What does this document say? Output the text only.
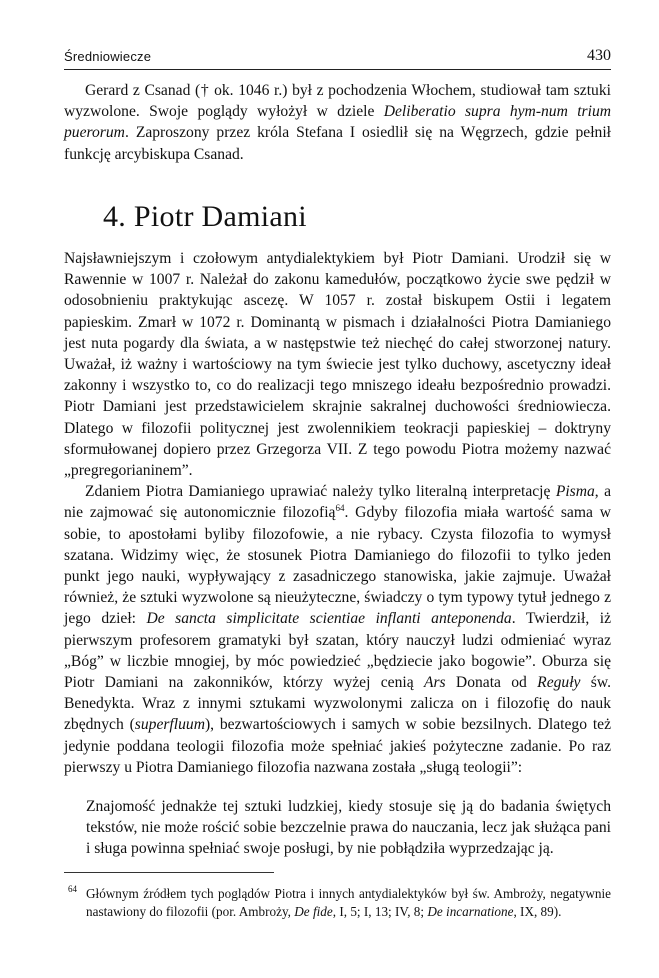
Średniowiecze	430

Gerard z Csanad († ok. 1046 r.) był z pochodzenia Włochem, studiował tam sztuki wyzwolone. Swoje poglądy wyłożył w dziele Deliberatio supra hym-num trium puerorum. Zaproszony przez króla Stefana I osiedlił się na Węgrzech, gdzie pełnił funkcję arcybiskupa Csanad.

4. Piotr Damiani

Najsławniejszym i czołowym antydialektykiem był Piotr Damiani. Urodził się w Rawennie w 1007 r. Należał do zakonu kamedułów, początkowo życie swe pędził w odosobnieniu praktykując ascezę. W 1057 r. został biskupem Ostii i legatem papieskim. Zmarł w 1072 r. Dominantą w pismach i działalności Piotra Damianiego jest nuta pogardy dla świata, a w następstwie też niechęć do całej stworzonej natury. Uważał, iż ważny i wartościowy na tym świecie jest tylko duchowy, ascetyczny ideał zakonny i wszystko to, co do realizacji tego mniszego ideału bezpośrednio prowadzi. Piotr Damiani jest przedstawicielem skrajnie sakralnej duchowości średniowiecza. Dlatego w filozofii politycznej jest zwolennikiem teokracji papieskiej – doktryny sformułowanej dopiero przez Grzegorza VII. Z tego powodu Piotra możemy nazwać „pregregorianinem”.

Zdaniem Piotra Damianiego uprawiać należy tylko literalną interpretację Pisma, a nie zajmować się autonomicznie filozofią$^{64}$. Gdyby filozofia miała wartość sama w sobie, to apostołami byliby filozofowie, a nie rybacy. Czysta filozofia to wymysł szatana. Widzimy więc, że stosunek Piotra Damianiego do filozofii to tylko jeden punkt jego nauki, wypływający z zasadniczego stanowiska, jakie zajmuje. Uważał również, że sztuki wyzwolone są nieużyteczne, świadczy o tym typowy tytuł jednego z jego dzieł: De sancta simplicitate scientiae inflanti anteponenda. Twierdził, iż pierwszym profesorem gramatyki był szatan, który nauczył ludzi odmieniać wyraz „Bóg” w liczbie mnogiej, by móc powiedzieć „będziecie jako bogowie”. Oburza się Piotr Damiani na zakonników, którzy wyżej cenią Ars Donata od Reguły św. Benedykta. Wraz z innymi sztukami wyzwolonymi zalicza on i filozofię do nauk zbędnych (superfluum), bezwartościowych i samych w sobie bezsilnych. Dlatego też jedynie poddana teologii filozofia może spełniać jakieś pożyteczne zadanie. Po raz pierwszy u Piotra Damianiego filozofia nazwana została „sługą teologii”:

Znajomość jednakże tej sztuki ludzkiej, kiedy stosuje się ją do badania świętych tekstów, nie może rościć sobie bezczelnie prawa do nauczania, lecz jak służąca pani i sługa powinna spełniać swoje posługi, by nie pobłądziła wyprzedzając ją.
64 Głównym źródłem tych poglądów Piotra i innych antydialektyków był św. Ambroży, negatywnie nastawiony do filozofii (por. Ambroży, De fide, I, 5; I, 13; IV, 8; De incarnatione, IX, 89).
